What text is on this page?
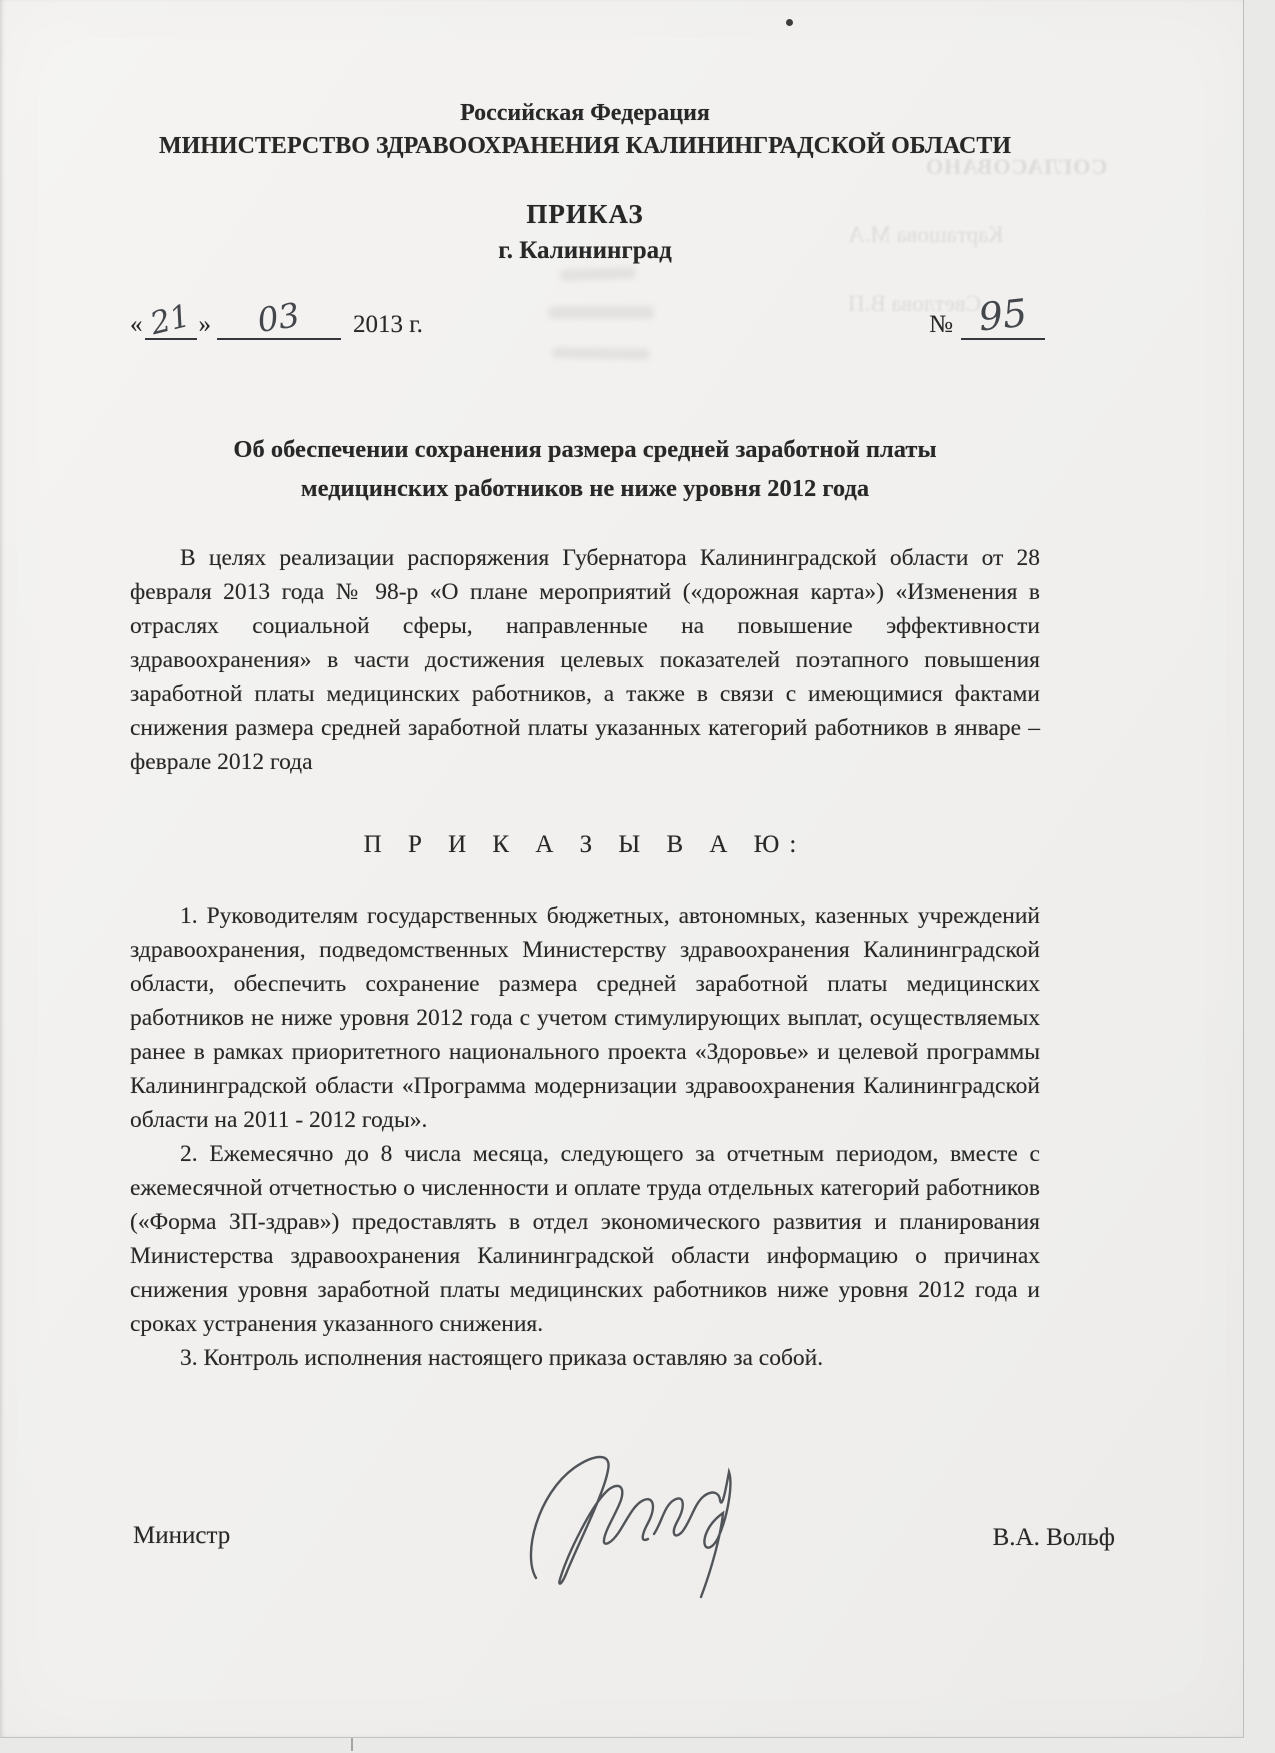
СОГЛАСОВАНО
Карташова М.А
Светлова В.П
Российская Федерация
МИНИСТЕРСТВО ЗДРАВООХРАНЕНИЯ КАЛИНИНГРАДСКОЙ ОБЛАСТИ
ПРИКАЗ
г. Калининград
« 21 » 03 2013 г.	№ 95
Об обеспечении сохранения размера средней заработной платы медицинских работников не ниже уровня 2012 года
В целях реализации распоряжения Губернатора Калининградской области от 28 февраля 2013 года № 98-р «О плане мероприятий («дорожная карта») «Изменения в отраслях социальной сферы, направленные на повышение эффективности здравоохранения» в части достижения целевых показателей поэтапного повышения заработной платы медицинских работников, а также в связи с имеющимися фактами снижения размера средней заработной платы указанных категорий работников в январе – феврале 2012 года
П Р И К А З Ы В А Ю:

1. Руководителям государственных бюджетных, автономных, казенных учреждений здравоохранения, подведомственных Министерству здравоохранения Калининградской области, обеспечить сохранение размера средней заработной платы медицинских работников не ниже уровня 2012 года с учетом стимулирующих выплат, осуществляемых ранее в рамках приоритетного национального проекта «Здоровье» и целевой программы Калининградской области «Программа модернизации здравоохранения Калининградской области на 2011 - 2012 годы».

2. Ежемесячно до 8 числа месяца, следующего за отчетным периодом, вместе с ежемесячной отчетностью о численности и оплате труда отдельных категорий работников («Форма ЗП-здрав») предоставлять в отдел экономического развития и планирования Министерства здравоохранения Калининградской области информацию о причинах снижения уровня заработной платы медицинских работников ниже уровня 2012 года и сроках устранения указанного снижения.

3. Контроль исполнения настоящего приказа оставляю за собой.

Министр	В.А. Вольф
